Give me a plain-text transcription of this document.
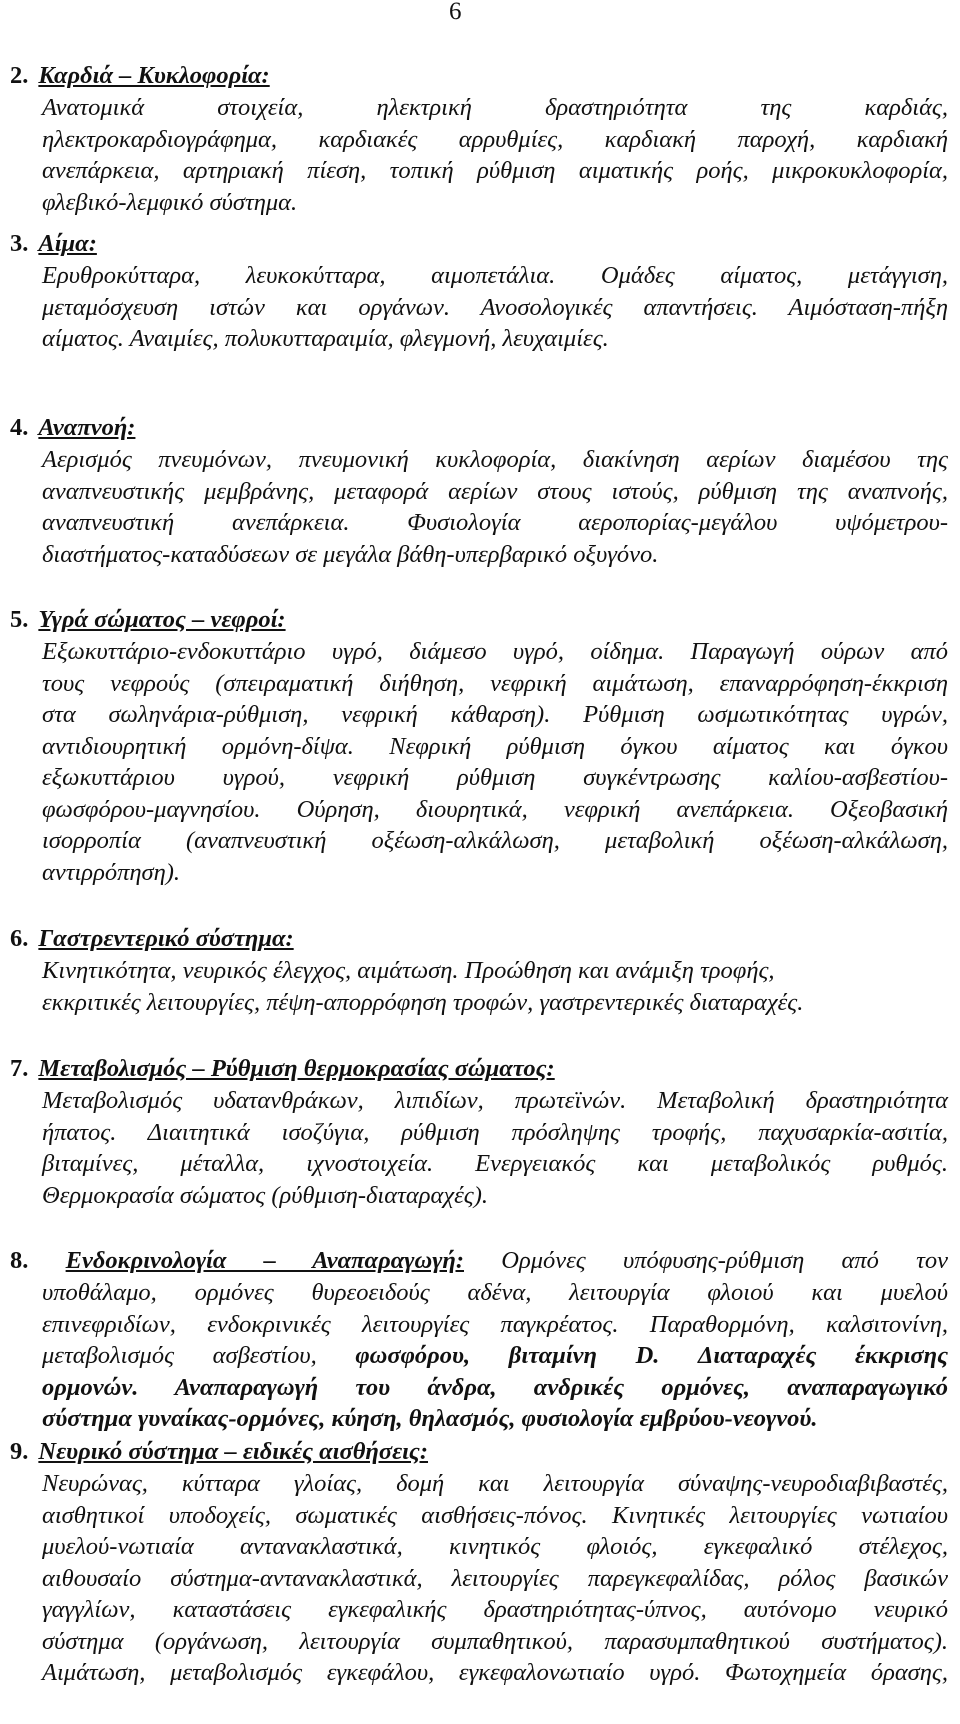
6
2. Καρδιά – Κυκλοφορία:
Ανατομικά στοιχεία, ηλεκτρική δραστηριότητα της καρδιάς,
ηλεκτροκαρδιογράφημα, καρδιακές αρρυθμίες, καρδιακή παροχή, καρδιακή
ανεπάρκεια, αρτηριακή πίεση, τοπική ρύθμιση αιματικής ροής, μικροκυκλοφορία,
φλεβικό-λεμφικό σύστημα.
3. Αίμα:
Ερυθροκύτταρα, λευκοκύτταρα, αιμοπετάλια. Ομάδες αίματος, μετάγγιση,
μεταμόσχευση ιστών και οργάνων. Ανοσολογικές απαντήσεις. Αιμόσταση-πήξη
αίματος. Αναιμίες, πολυκυτταραιμία, φλεγμονή, λευχαιμίες.
4. Αναπνοή:
Αερισμός πνευμόνων, πνευμονική κυκλοφορία, διακίνηση αερίων διαμέσου της
αναπνευστικής μεμβράνης, μεταφορά αερίων στους ιστούς, ρύθμιση της αναπνοής,
αναπνευστική ανεπάρκεια. Φυσιολογία αεροπορίας-μεγάλου υψόμετρου-
διαστήματος-καταδύσεων σε μεγάλα βάθη-υπερβαρικό οξυγόνο.
5. Υγρά σώματος – νεφροί:
Εξωκυττάριο-ενδοκυττάριο υγρό, διάμεσο υγρό, οίδημα. Παραγωγή ούρων από
τους νεφρούς (σπειραματική διήθηση, νεφρική αιμάτωση, επαναρρόφηση-έκκριση
στα σωληνάρια-ρύθμιση, νεφρική κάθαρση). Ρύθμιση ωσμωτικότητας υγρών,
αντιδιουρητική ορμόνη-δίψα. Νεφρική ρύθμιση όγκου αίματος και όγκου
εξωκυττάριου υγρού, νεφρική ρύθμιση συγκέντρωσης καλίου-ασβεστίου-
φωσφόρου-μαγνησίου. Ούρηση, διουρητικά, νεφρική ανεπάρκεια. Οξεοβασική
ισορροπία (αναπνευστική οξέωση-αλκάλωση, μεταβολική οξέωση-αλκάλωση,
αντιρρόπηση).
6. Γαστρεντερικό σύστημα:
Κινητικότητα, νευρικός έλεγχος, αιμάτωση. Προώθηση και ανάμιξη τροφής,
εκκριτικές λειτουργίες, πέψη-απορρόφηση τροφών, γαστρεντερικές διαταραχές.
7. Μεταβολισμός – Ρύθμιση θερμοκρασίας σώματος:
Μεταβολισμός υδατανθράκων, λιπιδίων, πρωτεϊνών. Μεταβολική δραστηριότητα
ήπατος. Διαιτητικά ισοζύγια, ρύθμιση πρόσληψης τροφής, παχυσαρκία-ασιτία,
βιταμίνες, μέταλλα, ιχνοστοιχεία. Ενεργειακός και μεταβολικός ρυθμός.
Θερμοκρασία σώματος (ρύθμιση-διαταραχές).
8. Ενδοκρινολογία – Αναπαραγωγή: Ορμόνες υπόφυσης-ρύθμιση από τον
υποθάλαμο, ορμόνες θυρεοειδούς αδένα, λειτουργία φλοιού και μυελού
επινεφριδίων, ενδοκρινικές λειτουργίες παγκρέατος. Παραθορμόνη, καλσιτονίνη,
μεταβολισμός ασβεστίου, φωσφόρου, βιταμίνη D. Διαταραχές έκκρισης
ορμονών. Αναπαραγωγή του άνδρα, ανδρικές ορμόνες, αναπαραγωγικό
σύστημα γυναίκας-ορμόνες, κύηση, θηλασμός, φυσιολογία εμβρύου-νεογνού.
9. Νευρικό σύστημα – ειδικές αισθήσεις:
Νευρώνας, κύτταρα γλοίας, δομή και λειτουργία σύναψης-νευροδιαβιβαστές,
αισθητικοί υποδοχείς, σωματικές αισθήσεις-πόνος. Κινητικές λειτουργίες νωτιαίου
μυελού-νωτιαία αντανακλαστικά, κινητικός φλοιός, εγκεφαλικό στέλεχος,
αιθουσαίο σύστημα-αντανακλαστικά, λειτουργίες παρεγκεφαλίδας, ρόλος βασικών
γαγγλίων, καταστάσεις εγκεφαλικής δραστηριότητας-ύπνος, αυτόνομο νευρικό
σύστημα (οργάνωση, λειτουργία συμπαθητικού, παρασυμπαθητικού συστήματος).
Αιμάτωση, μεταβολισμός εγκεφάλου, εγκεφαλονωτιαίο υγρό. Φωτοχημεία όρασης,
